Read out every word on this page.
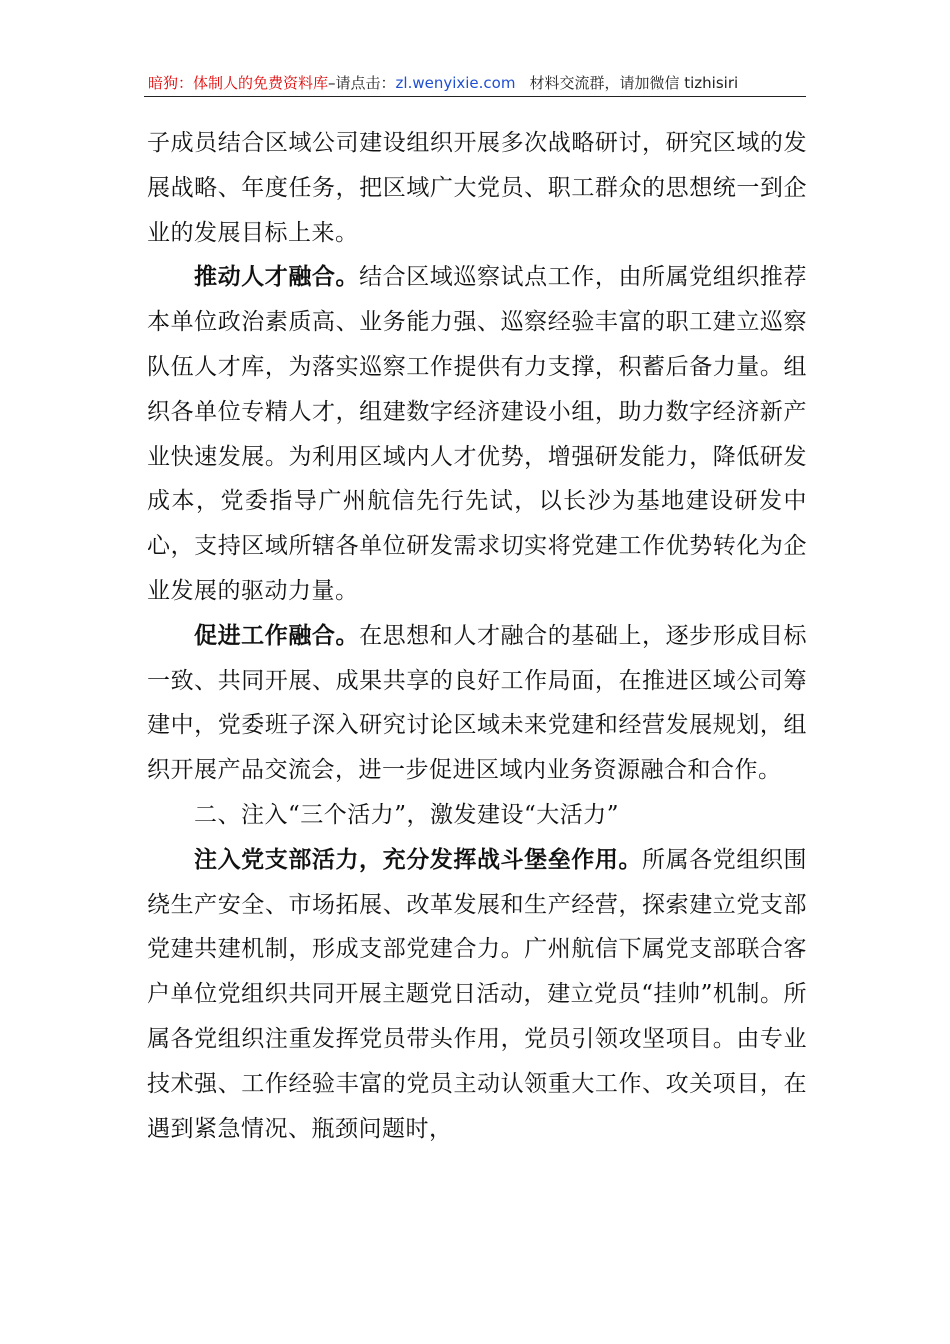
暗狗：体制人的免费资料库–请点击：zl.wenyixie.com 材料交流群，请加微信 tizhisiri

子成员结合区域公司建设组织开展多次战略研讨，研究区域的发展战略、年度任务，把区域广大党员、职工群众的思想统一到企业的发展目标上来。

推动人才融合。结合区域巡察试点工作，由所属党组织推荐本单位政治素质高、业务能力强、巡察经验丰富的职工建立巡察队伍人才库，为落实巡察工作提供有力支撑，积蓄后备力量。组织各单位专精人才，组建数字经济建设小组，助力数字经济新产业快速发展。为利用区域内人才优势，增强研发能力，降低研发成本，党委指导广州航信先行先试，以长沙为基地建设研发中心，支持区域所辖各单位研发需求切实将党建工作优势转化为企业发展的驱动力量。

促进工作融合。在思想和人才融合的基础上，逐步形成目标一致、共同开展、成果共享的良好工作局面，在推进区域公司筹建中，党委班子深入研究讨论区域未来党建和经营发展规划，组织开展产品交流会，进一步促进区域内业务资源融合和合作。

二、注入“三个活力”，激发建设“大活力”

注入党支部活力，充分发挥战斗堡垒作用。所属各党组织围绕生产安全、市场拓展、改革发展和生产经营，探索建立党支部党建共建机制，形成支部党建合力。广州航信下属党支部联合客户单位党组织共同开展主题党日活动，建立党员“挂帅”机制。所属各党组织注重发挥党员带头作用，党员引领攻坚项目。由专业技术强、工作经验丰富的党员主动认领重大工作、攻关项目，在遇到紧急情况、瓶颈问题时，
